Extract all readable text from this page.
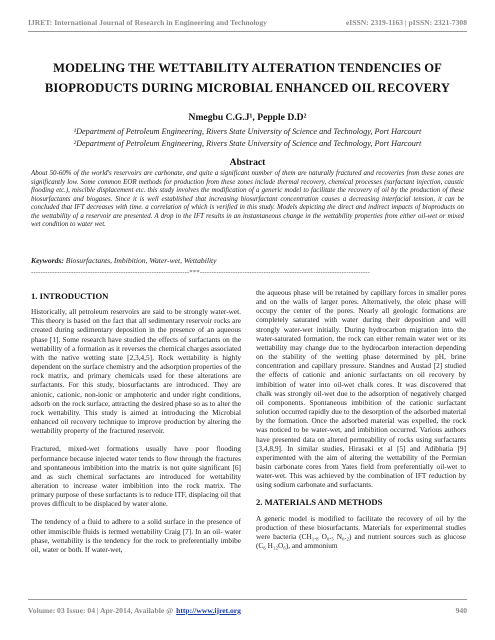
IJRET: International Journal of Research in Engineering and Technology	eISSN: 2319-1163 | pISSN: 2321-7308
MODELING THE WETTABILITY ALTERATION TENDENCIES OF
BIOPRODUCTS DURING MICROBIAL ENHANCED OIL RECOVERY
Nmegbu C.G.J¹, Pepple D.D²
¹Department of Petroleum Engineering, Rivers State University of Science and Technology, Port Harcourt
²Department of Petroleum Engineering, Rivers State University of Science and Technology, Port Harcourt
Abstract
About 50-60% of the world's reservoirs are carbonate, and quite a significant number of them are naturally fractured and recoveries from these zones are significantly low. Some common EOR methods for production from these zones include thermal recovery, chemical processes (surfactant injection, caustic flooding etc.), miscible displacement etc. this study involves the modification of a generic model to facilitate the recovery of oil by the production of these biosurfactants and biogases. Since it is well established that increasing biosurfactant concentration causes a decreasing interfacial tension, it can be concluded that IFT decreases with time. a correlation of which is verified in this study. Models depicting the direct and indirect impacts of bioproducts on the wettability of a reservoir are presented. A drop in the IFT results in an instantaneous change in the wettability properties from either oil-wet or mixed wet condition to water wet.
Keywords: Biosurfactants, Imbibition, Water-wet, Wettability
-------------------------------------------------------------------***------------------------------------------------------------------------
1. INTRODUCTION

Historically, all petroleum reservoirs are said to be strongly water-wet. This theory is based on the fact that all sedimentary reservoir rocks are created during sedimentary deposition in the presence of an aqueous phase [1]. Some research have studied the effects of surfactants on the wettability of a formation as it reverses the chemical charges associated with the native wetting state [2,3,4,5]. Rock wettability is highly dependent on the surface chemistry and the adsorption properties of the rock matrix, and primary chemicals used for these alterations are surfactants. For this study, biosurfactants are introduced. They are anionic, cationic, non-ionic or amphoteric and under right conditions, adsorb on the rock surface, attracting the desired phase so as to alter the rock wettability. This study is aimed at introducing the Microbial enhanced oil recovery technique to improve production by altering the wettability property of the fractured reservoir.

Fractured, mixed-wet formations usually have poor flooding performance because injected water tends to flow through the fractures and spontaneous imbibition into the matrix is not quite significant [6] and as such chemical surfactants are introduced for wettability alteration to increase water imbibition into the rock matrix. The primary purpose of these surfactants is to reduce ITF, displacing oil that proves difficult to be displaced by water alone.

The tendency of a fluid to adhere to a solid surface in the presence of other immiscible fluids is termed wettability Craig [7]. In an oil- water phase, wettability is the tendency for the rock to preferentially imbibe oil, water or both. If water-wet,

the aqueous phase will be retained by capillary forces in smaller pores and on the walls of larger pores. Alternatively, the oleic phase will occupy the center of the pores. Nearly all geologic formations are completely saturated with water during their deposition and will strongly water-wet initially. During hydrocarbon migration into the water-saturated formation, the rock can either remain water wet or its wettability may change due to the hydrocarbon interaction depending on the stability of the wetting phase determined by pH, brine concentration and capillary pressure. Standnes and Austad [2] studied the effects of cationic and anionic surfactants on oil recovery by imbibition of water into oil-wet chalk cores. It was discovered that chalk was strongly oil-wet due to the adsorption of negatively charged oil components. Spontaneous imbibition of the cationic surfactant solution occurred rapidly due to the desorption of the adsorbed material by the formation. Once the adsorbed material was expelled, the rock was noticed to be water-wet, and imbibition occurred. Various authors have presented data on altered permeability of rocks using surfactants [3,4,8,9]. In similar studies, Hirasaki et al [5] and Adibhatia [9] experimented with the aim of altering the wettability of the Permian basin carbonate cores from Yates field from preferentially oil-wet to water-wet. This was achieved by the combination of IFT reduction by using sodium carbonate and surfactants.

2. MATERIALS AND METHODS

A generic model is modified to facilitate the recovery of oil by the production of these biosurfactants. Materials for experimental studies were bacteria (CH₁.₈ O₀.₅ N₀.₂) and nutrient sources such as glucose (C₆ H₁₂O₆), and ammonium

Volume: 03 Issue: 04 | Apr-2014, Available @ http://www.ijret.org	940
